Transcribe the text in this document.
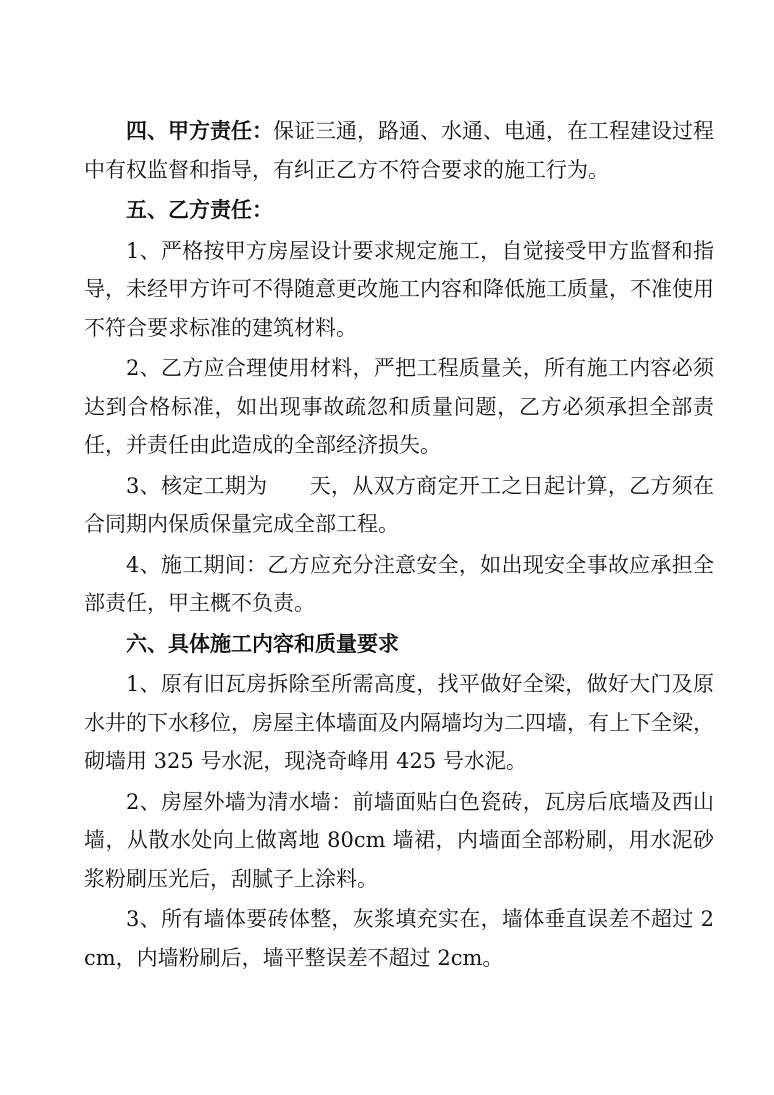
四、甲方责任：保证三通，路通、水通、电通，在工程建设过程中有权监督和指导，有纠正乙方不符合要求的施工行为。

五、乙方责任：

1、严格按甲方房屋设计要求规定施工，自觉接受甲方监督和指导，未经甲方许可不得随意更改施工内容和降低施工质量，不准使用不符合要求标准的建筑材料。

2、乙方应合理使用材料，严把工程质量关，所有施工内容必须达到合格标准，如出现事故疏忽和质量问题，乙方必须承担全部责任，并责任由此造成的全部经济损失。

3、核定工期为 天，从双方商定开工之日起计算，乙方须在合同期内保质保量完成全部工程。

4、施工期间：乙方应充分注意安全，如出现安全事故应承担全部责任，甲主概不负责。

六、具体施工内容和质量要求

1、原有旧瓦房拆除至所需高度，找平做好全梁，做好大门及原水井的下水移位，房屋主体墙面及内隔墙均为二四墙，有上下全梁，砌墙用 325 号水泥，现浇奇峰用 425 号水泥。

2、房屋外墙为清水墙：前墙面贴白色瓷砖，瓦房后底墙及西山墙，从散水处向上做离地 80cm 墙裙，内墙面全部粉刷，用水泥砂浆粉刷压光后，刮腻子上涂料。

3、所有墙体要砖体整，灰浆填充实在，墙体垂直误差不超过 2cm，内墙粉刷后，墙平整误差不超过 2cm。
